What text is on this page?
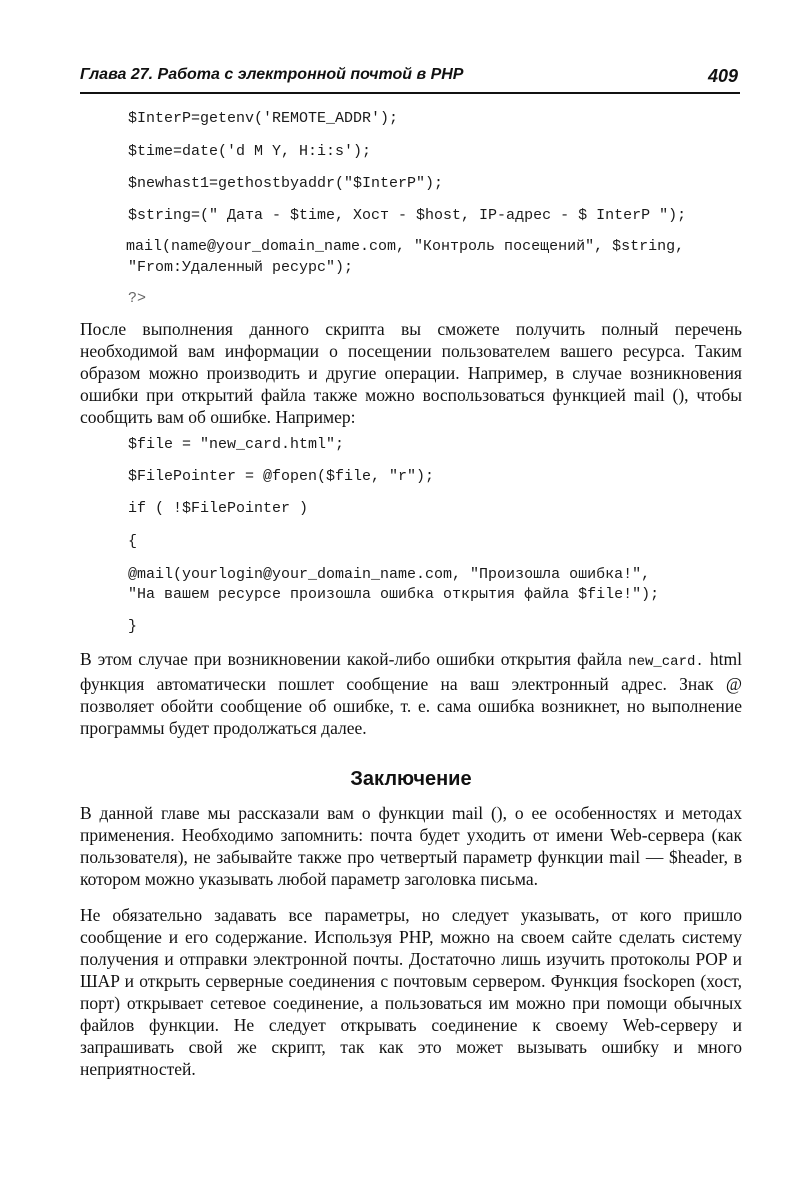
Глава 27. Работа с электронной почтой в PHP	409
$InterP=getenv('REMOTE_ADDR');
$time=date('d M Y, H:i:s');
$newhast1=gethostbyaddr("$InterP");
$string=(" Дата - $time, Хост - $host, IP-адрес - $ InterP ");
mail(name@your_domain_name.com, "Контроль посещений", $string,
"From:Удаленный ресурс");
?>

После выполнения данного скрипта вы сможете получить полный перечень необходимой вам информации о посещении пользователем вашего ресурса. Таким образом можно производить и другие операции. Например, в случае возникновения ошибки при открытий файла также можно воспользоваться функцией mail (), чтобы сообщить вам об ошибке. Например:

$file = "new_card.html";
$FilePointer = @fopen($file, "r");
if ( !$FilePointer )
{
@mail(yourlogin@your_domain_name.com, "Произошла ошибка!",
"На вашем ресурсе произошла ошибка открытия файла $file!");
}

В этом случае при возникновении какой-либо ошибки открытия файла new_card. html функция автоматически пошлет сообщение на ваш электронный адрес. Знак @ позволяет обойти сообщение об ошибке, т. е. сама ошибка возникнет, но выполнение программы будет продолжаться далее.

Заключение

В данной главе мы рассказали вам о функции mail (), о ее особенностях и методах применения. Необходимо запомнить: почта будет уходить от имени Web-сервера (как пользователя), не забывайте также про четвертый параметр функции mail — $header, в котором можно указывать любой параметр заголовка письма.

Не обязательно задавать все параметры, но следует указывать, от кого пришло сообщение и его содержание. Используя PHP, можно на своем сайте сделать систему получения и отправки электронной почты. Достаточно лишь изучить протоколы POP и ШAP и открыть серверные соединения с почтовым сервером. Функция fsockopen (хост, порт) открывает сетевое соединение, а пользоваться им можно при помощи обычных файлов функции. Не следует открывать соединение к своему Web-серверу и запрашивать свой же скрипт, так как это может вызывать ошибку и много неприятностей.
